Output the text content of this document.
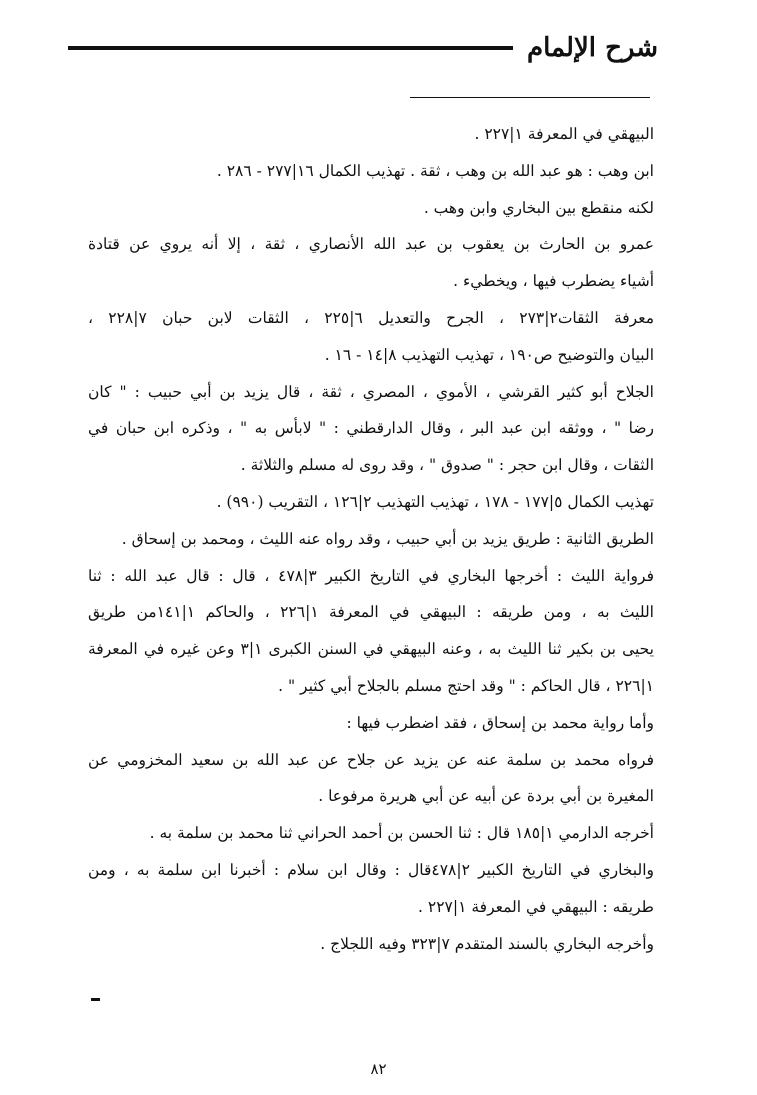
شرح الإلمام
البيهقي في المعرفة ١|٢٢٧ .
ابن وهب : هو عبد الله بن وهب ، ثقة . تهذيب الكمال ١٦|٢٧٧ - ٢٨٦ .
لكنه منقطع بين البخاري وابن وهب .
عمرو بن الحارث بن يعقوب بن عبد الله الأنصاري ، ثقة ، إلا أنه يروي عن قتادة
أشياء يضطرب فيها ، ويخطيء .
معرفة الثقات٢|٢٧٣ ، الجرح والتعديل ٦|٢٢٥ ، الثقات لابن حبان ٧|٢٢٨ ،
البيان والتوضيح ص١٩٠ ، تهذيب التهذيب ٨|١٤ - ١٦ .
الجلاح أبو كثير القرشي ، الأموي ، المصري ، ثقة ، قال يزيد بن أبي حبيب : " كان
رضا " ، ووثقه ابن عبد البر ، وقال الدارقطني : " لابأس به " ، وذكره ابن حبان في
الثقات ، وقال ابن حجر : " صدوق " ، وقد روى له مسلم والثلاثة .
تهذيب الكمال ٥|١٧٧ - ١٧٨ ، تهذيب التهذيب ٢|١٢٦ ، التقريب (٩٩٠) .
الطريق الثانية : طريق يزيد بن أبي حبيب ، وقد رواه عنه الليث ، ومحمد بن إسحاق .
فرواية الليث : أخرجها البخاري في التاريخ الكبير ٣|٤٧٨ ، قال : قال عبد الله : ثنا
الليث به ، ومن طريقه : البيهقي في المعرفة ١|٢٢٦ ، والحاكم ١|١٤١من طريق
يحيى بن بكير ثنا الليث به ، وعنه البيهقي في السنن الكبرى ١|٣ وعن غيره في المعرفة
١|٢٢٦ ، قال الحاكم : " وقد احتج مسلم بالجلاح أبي كثير " .
وأما رواية محمد بن إسحاق ، فقد اضطرب فيها :
فرواه محمد بن سلمة عنه عن يزيد عن جلاح عن عبد الله بن سعيد المخزومي عن
المغيرة بن أبي بردة عن أبيه عن أبي هريرة مرفوعا .
أخرجه الدارمي ١|١٨٥ قال : ثنا الحسن بن أحمد الحراني ثنا محمد بن سلمة به .
والبخاري في التاريخ الكبير ٢|٤٧٨قال : وقال ابن سلام : أخبرنا ابن سلمة به ، ومن
طريقه : البيهقي في المعرفة ١|٢٢٧ .
وأخرجه البخاري بالسند المتقدم ٧|٣٢٣ وفيه اللجلاج .
٨٢
